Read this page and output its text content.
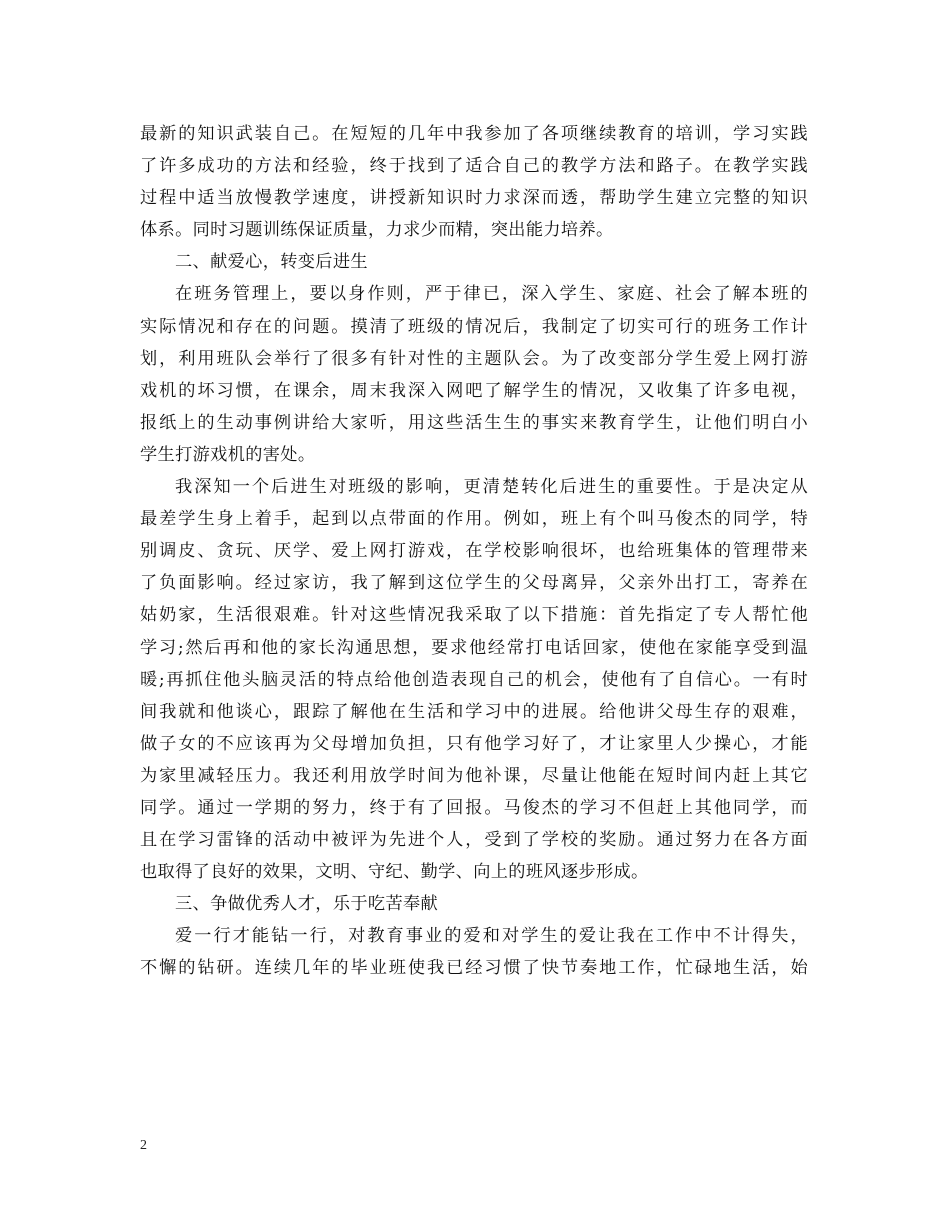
最新的知识武装自己。在短短的几年中我参加了各项继续教育的培训，学习实践
了许多成功的方法和经验，终于找到了适合自己的教学方法和路子。在教学实践
过程中适当放慢教学速度，讲授新知识时力求深而透，帮助学生建立完整的知识
体系。同时习题训练保证质量，力求少而精，突出能力培养。
二、献爱心，转变后进生
在班务管理上，要以身作则，严于律已，深入学生、家庭、社会了解本班的
实际情况和存在的问题。摸清了班级的情况后，我制定了切实可行的班务工作计
划，利用班队会举行了很多有针对性的主题队会。为了改变部分学生爱上网打游
戏机的坏习惯，在课余，周末我深入网吧了解学生的情况，又收集了许多电视，
报纸上的生动事例讲给大家听，用这些活生生的事实来教育学生，让他们明白小
学生打游戏机的害处。
我深知一个后进生对班级的影响，更清楚转化后进生的重要性。于是决定从
最差学生身上着手，起到以点带面的作用。例如，班上有个叫马俊杰的同学，特
别调皮、贪玩、厌学、爱上网打游戏，在学校影响很坏，也给班集体的管理带来
了负面影响。经过家访，我了解到这位学生的父母离异，父亲外出打工，寄养在
姑奶家，生活很艰难。针对这些情况我采取了以下措施：首先指定了专人帮忙他
学习;然后再和他的家长沟通思想，要求他经常打电话回家，使他在家能享受到温
暖;再抓住他头脑灵活的特点给他创造表现自己的机会，使他有了自信心。一有时
间我就和他谈心，跟踪了解他在生活和学习中的进展。给他讲父母生存的艰难，
做子女的不应该再为父母增加负担，只有他学习好了，才让家里人少操心，才能
为家里减轻压力。我还利用放学时间为他补课，尽量让他能在短时间内赶上其它
同学。通过一学期的努力，终于有了回报。马俊杰的学习不但赶上其他同学，而
且在学习雷锋的活动中被评为先进个人，受到了学校的奖励。通过努力在各方面
也取得了良好的效果，文明、守纪、勤学、向上的班风逐步形成。
三、争做优秀人才，乐于吃苦奉献
爱一行才能钻一行，对教育事业的爱和对学生的爱让我在工作中不计得失，
不懈的钻研。连续几年的毕业班使我已经习惯了快节奏地工作，忙碌地生活，始
2
